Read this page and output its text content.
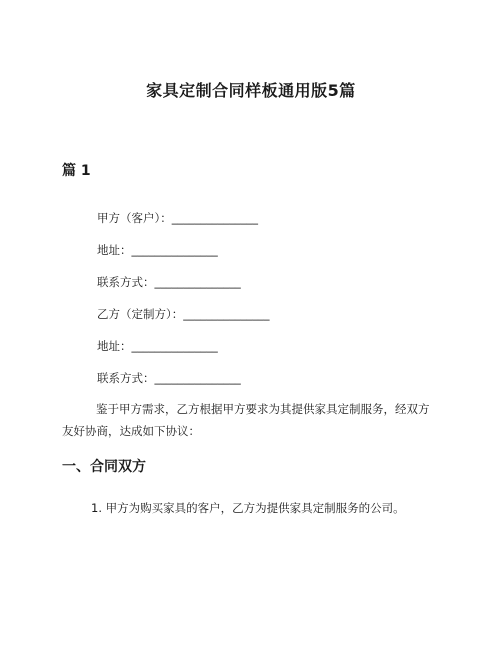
家具定制合同样板通用版5篇
篇 1
甲方（客户）：_______________
地址：_______________
联系方式：_______________
乙方（定制方）：_______________
地址：_______________
联系方式：_______________
鉴于甲方需求，乙方根据甲方要求为其提供家具定制服务，经双方友好协商，达成如下协议：
一、合同双方
1. 甲方为购买家具的客户，乙方为提供家具定制服务的公司。
